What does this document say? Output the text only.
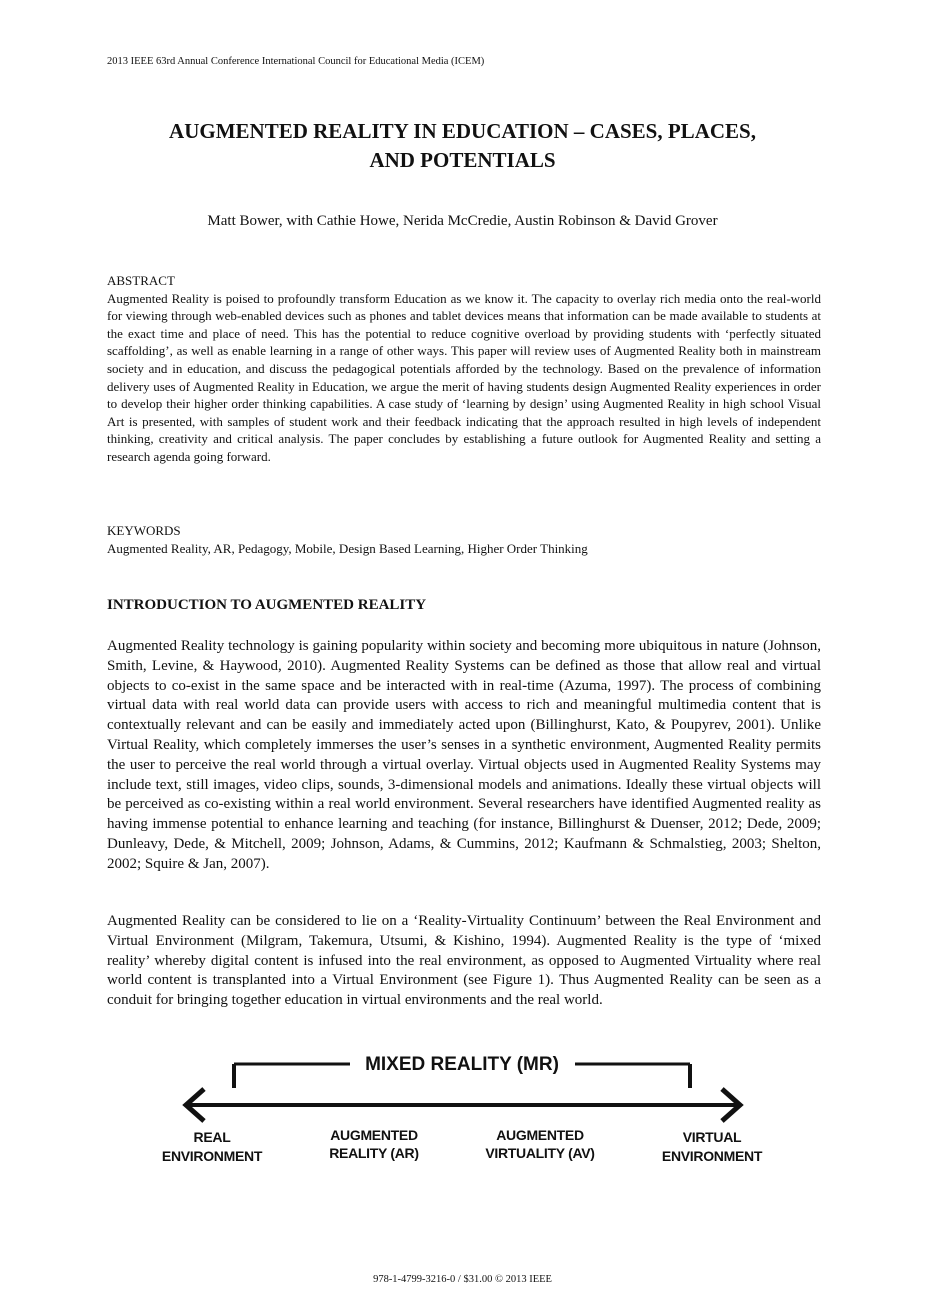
2013 IEEE 63rd Annual Conference International Council for Educational Media (ICEM)
AUGMENTED REALITY IN EDUCATION – CASES, PLACES,
AND POTENTIALS
Matt Bower, with Cathie Howe, Nerida McCredie, Austin Robinson & David Grover
ABSTRACT

Augmented Reality is poised to profoundly transform Education as we know it. The capacity to overlay rich media onto the real-world for viewing through web-enabled devices such as phones and tablet devices means that information can be made available to students at the exact time and place of need. This has the potential to reduce cognitive overload by providing students with ‘perfectly situated scaffolding’, as well as enable learning in a range of other ways. This paper will review uses of Augmented Reality both in mainstream society and in education, and discuss the pedagogical potentials afforded by the technology. Based on the prevalence of information delivery uses of Augmented Reality in Education, we argue the merit of having students design Augmented Reality experiences in order to develop their higher order thinking capabilities. A case study of ‘learning by design’ using Augmented Reality in high school Visual Art is presented, with samples of student work and their feedback indicating that the approach resulted in high levels of independent thinking, creativity and critical analysis. The paper concludes by establishing a future outlook for Augmented Reality and setting a research agenda going forward.

KEYWORDS
Augmented Reality, AR, Pedagogy, Mobile, Design Based Learning, Higher Order Thinking
INTRODUCTION TO AUGMENTED REALITY

Augmented Reality technology is gaining popularity within society and becoming more ubiquitous in nature (Johnson, Smith, Levine, & Haywood, 2010). Augmented Reality Systems can be defined as those that allow real and virtual objects to co-exist in the same space and be interacted with in real-time (Azuma, 1997). The process of combining virtual data with real world data can provide users with access to rich and meaningful multimedia content that is contextually relevant and can be easily and immediately acted upon (Billinghurst, Kato, & Poupyrev, 2001). Unlike Virtual Reality, which completely immerses the user’s senses in a synthetic environment, Augmented Reality permits the user to perceive the real world through a virtual overlay. Virtual objects used in Augmented Reality Systems may include text, still images, video clips, sounds, 3-dimensional models and animations. Ideally these virtual objects will be perceived as co-existing within a real world environment. Several researchers have identified Augmented reality as having immense potential to enhance learning and teaching (for instance, Billinghurst & Duenser, 2012; Dede, 2009; Dunleavy, Dede, & Mitchell, 2009; Johnson, Adams, & Cummins, 2012; Kaufmann & Schmalstieg, 2003; Shelton, 2002; Squire & Jan, 2007).

Augmented Reality can be considered to lie on a ‘Reality-Virtuality Continuum’ between the Real Environment and Virtual Environment (Milgram, Takemura, Utsumi, & Kishino, 1994). Augmented Reality is the type of ‘mixed reality’ whereby digital content is infused into the real environment, as opposed to Augmented Virtuality where real world content is transplanted into a Virtual Environment (see Figure 1). Thus Augmented Reality can be seen as a conduit for bringing together education in virtual environments and the real world.

MIXED REALITY (MR)
REAL
ENVIRONMENT
AUGMENTED
REALITY (AR)
AUGMENTED
VIRTUALITY (AV)
VIRTUAL
ENVIRONMENT
978-1-4799-3216-0 / $31.00 © 2013 IEEE
